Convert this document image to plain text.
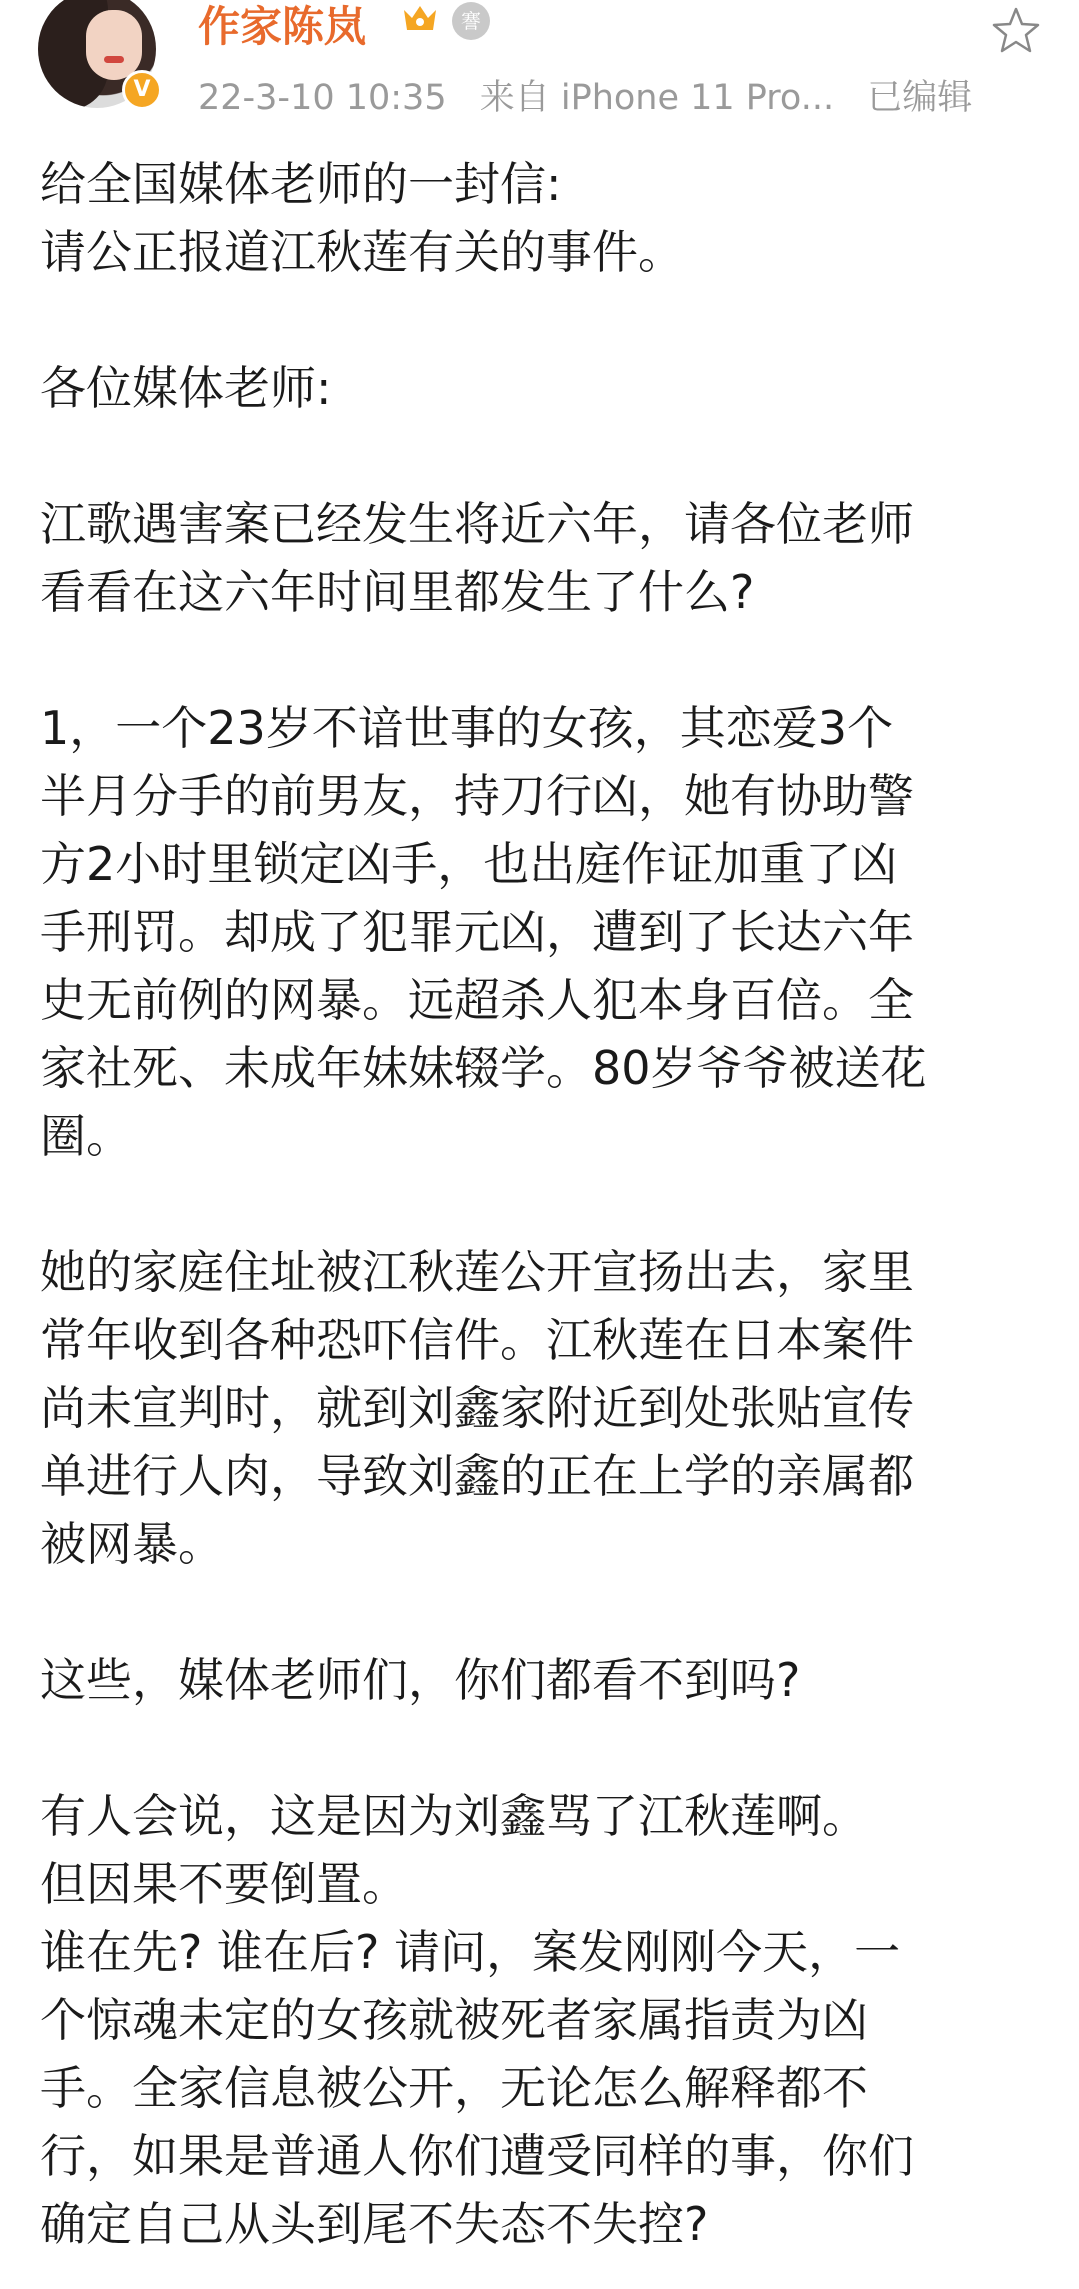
V
作家陈岚	謇
22-3-10 10:35 来自 iPhone 11 Pro... 已编辑
给全国媒体老师的一封信:
请公正报道江秋莲有关的事件。
各位媒体老师:
江歌遇害案已经发生将近六年，请各位老师
看看在这六年时间里都发生了什么?
1，一个23岁不谙世事的女孩，其恋爱3个
半月分手的前男友，持刀行凶，她有协助警
方2小时里锁定凶手，也出庭作证加重了凶
手刑罚。却成了犯罪元凶，遭到了长达六年
史无前例的网暴。远超杀人犯本身百倍。全
家社死、未成年妹妹辍学。80岁爷爷被送花
圈。
她的家庭住址被江秋莲公开宣扬出去，家里
常年收到各种恐吓信件。江秋莲在日本案件
尚未宣判时，就到刘鑫家附近到处张贴宣传
单进行人肉，导致刘鑫的正在上学的亲属都
被网暴。
这些，媒体老师们，你们都看不到吗?
有人会说，这是因为刘鑫骂了江秋莲啊。
但因果不要倒置。
谁在先? 谁在后? 请问，案发刚刚今天，一
个惊魂未定的女孩就被死者家属指责为凶
手。全家信息被公开，无论怎么解释都不
行，如果是普通人你们遭受同样的事，你们
确定自己从头到尾不失态不失控?
